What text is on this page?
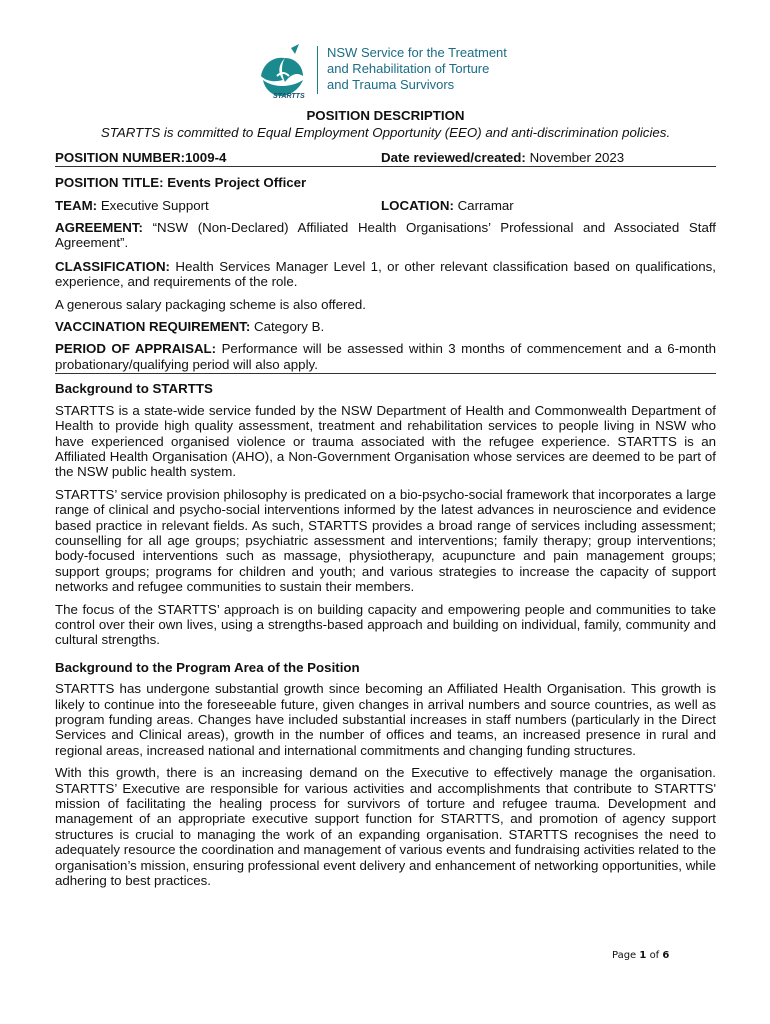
STARTTS
NSW Service for the Treatment
and Rehabilitation of Torture
and Trauma Survivors
POSITION DESCRIPTION
STARTTS is committed to Equal Employment Opportunity (EEO) and anti-discrimination policies.
POSITION NUMBER:1009-4	Date reviewed/created: November 2023
POSITION TITLE: Events Project Officer
TEAM: Executive Support	LOCATION: Carramar

AGREEMENT: “NSW (Non-Declared) Affiliated Health Organisations’ Professional and Associated Staff Agreement”.

CLASSIFICATION: Health Services Manager Level 1, or other relevant classification based on qualifications, experience, and requirements of the role.

A generous salary packaging scheme is also offered.

VACCINATION REQUIREMENT: Category B.

PERIOD OF APPRAISAL: Performance will be assessed within 3 months of commencement and a 6-month probationary/qualifying period will also apply.

Background to STARTTS

STARTTS is a state-wide service funded by the NSW Department of Health and Commonwealth Department of Health to provide high quality assessment, treatment and rehabilitation services to people living in NSW who have experienced organised violence or trauma associated with the refugee experience. STARTTS is an Affiliated Health Organisation (AHO), a Non-Government Organisation whose services are deemed to be part of the NSW public health system.

STARTTS’ service provision philosophy is predicated on a bio-psycho-social framework that incorporates a large range of clinical and psycho-social interventions informed by the latest advances in neuroscience and evidence based practice in relevant fields. As such, STARTTS provides a broad range of services including assessment; counselling for all age groups; psychiatric assessment and interventions; family therapy; group interventions; body-focused interventions such as massage, physiotherapy, acupuncture and pain management groups; support groups; programs for children and youth; and various strategies to increase the capacity of support networks and refugee communities to sustain their members.

The focus of the STARTTS’ approach is on building capacity and empowering people and communities to take control over their own lives, using a strengths-based approach and building on individual, family, community and cultural strengths.

Background to the Program Area of the Position

STARTTS has undergone substantial growth since becoming an Affiliated Health Organisation. This growth is likely to continue into the foreseeable future, given changes in arrival numbers and source countries, as well as program funding areas. Changes have included substantial increases in staff numbers (particularly in the Direct Services and Clinical areas), growth in the number of offices and teams, an increased presence in rural and regional areas, increased national and international commitments and changing funding structures.

With this growth, there is an increasing demand on the Executive to effectively manage the organisation. STARTTS’ Executive are responsible for various activities and accomplishments that contribute to STARTTS' mission of facilitating the healing process for survivors of torture and refugee trauma. Development and management of an appropriate executive support function for STARTTS, and promotion of agency support structures is crucial to managing the work of an expanding organisation. STARTTS recognises the need to adequately resource the coordination and management of various events and fundraising activities related to the organisation’s mission, ensuring professional event delivery and enhancement of networking opportunities, while adhering to best practices.

Page 1 of 6
